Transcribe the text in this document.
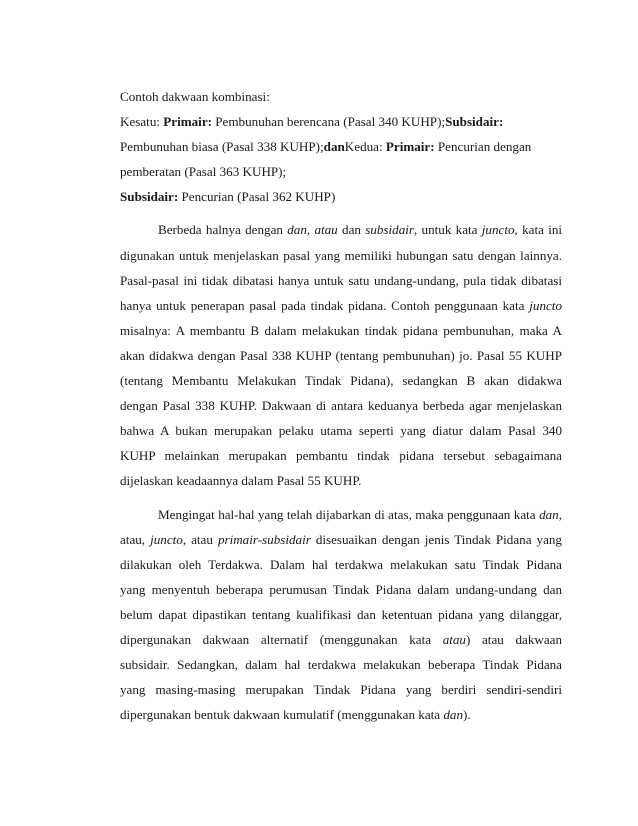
Contoh dakwaan kombinasi:
Kesatu: Primair: Pembunuhan berencana (Pasal 340 KUHP);Subsidair:
Pembunuhan biasa (Pasal 338 KUHP);danKedua: Primair: Pencurian dengan
pemberatan (Pasal 363 KUHP);
Subsidair: Pencurian (Pasal 362 KUHP)
Berbeda halnya dengan dan, atau dan subsidair, untuk kata juncto, kata ini
digunakan untuk menjelaskan pasal yang memiliki hubungan satu dengan lainnya.
Pasal-pasal ini tidak dibatasi hanya untuk satu undang-undang, pula tidak dibatasi
hanya untuk penerapan pasal pada tindak pidana. Contoh penggunaan kata juncto
misalnya: A membantu B dalam melakukan tindak pidana pembunuhan, maka A
akan didakwa dengan Pasal 338 KUHP (tentang pembunuhan) jo. Pasal 55 KUHP
(tentang Membantu Melakukan Tindak Pidana), sedangkan B akan didakwa
dengan Pasal 338 KUHP. Dakwaan di antara keduanya berbeda agar menjelaskan
bahwa A bukan merupakan pelaku utama seperti yang diatur dalam Pasal 340
KUHP melainkan merupakan pembantu tindak pidana tersebut sebagaimana
dijelaskan keadaannya dalam Pasal 55 KUHP.
Mengingat hal-hal yang telah dijabarkan di atas, maka penggunaan kata dan,
atau, juncto, atau primair-subsidair disesuaikan dengan jenis Tindak Pidana yang
dilakukan oleh Terdakwa. Dalam hal terdakwa melakukan satu Tindak Pidana
yang menyentuh beberapa perumusan Tindak Pidana dalam undang-undang dan
belum dapat dipastikan tentang kualifikasi dan ketentuan pidana yang dilanggar,
dipergunakan dakwaan alternatif (menggunakan kata atau) atau dakwaan
subsidair. Sedangkan, dalam hal terdakwa melakukan beberapa Tindak Pidana
yang masing-masing merupakan Tindak Pidana yang berdiri sendiri-sendiri
dipergunakan bentuk dakwaan kumulatif (menggunakan kata dan).
